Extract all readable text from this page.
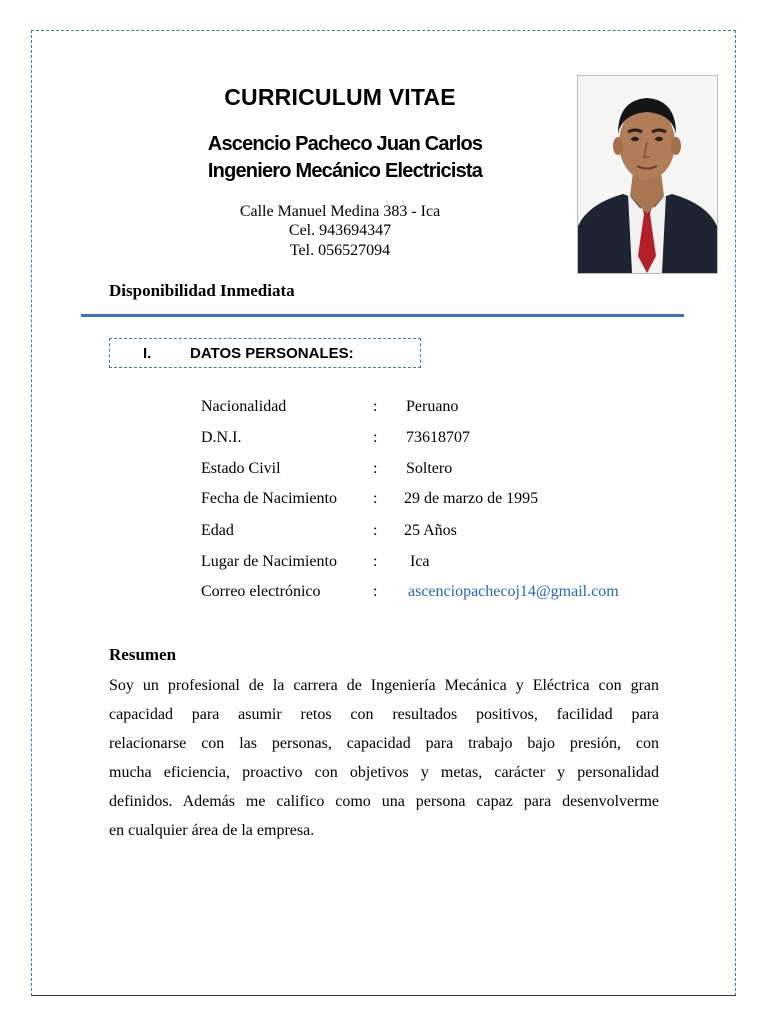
CURRICULUM VITAE
Ascencio Pacheco Juan Carlos
Ingeniero Mecánico Electricista
Calle Manuel Medina 383 - Ica
Cel. 943694347
Tel. 056527094
Disponibilidad Inmediata
I.	DATOS PERSONALES:
Nacionalidad	: Peruano
D.N.I.	: 73618707
Estado Civil	: Soltero
Fecha de Nacimiento : 29 de marzo de 1995
Edad	: 25 Años
Lugar de Nacimiento : Ica
Correo electrónico	: ascenciopachecoj14@gmail.com
Resumen
Soy un profesional de la carrera de Ingeniería Mecánica y Eléctrica con gran
capacidad para asumir retos con resultados positivos, facilidad para
relacionarse con las personas, capacidad para trabajo bajo presión, con
mucha eficiencia, proactivo con objetivos y metas, carácter y personalidad
definidos. Además me califico como una persona capaz para desenvolverme
en cualquier área de la empresa.
